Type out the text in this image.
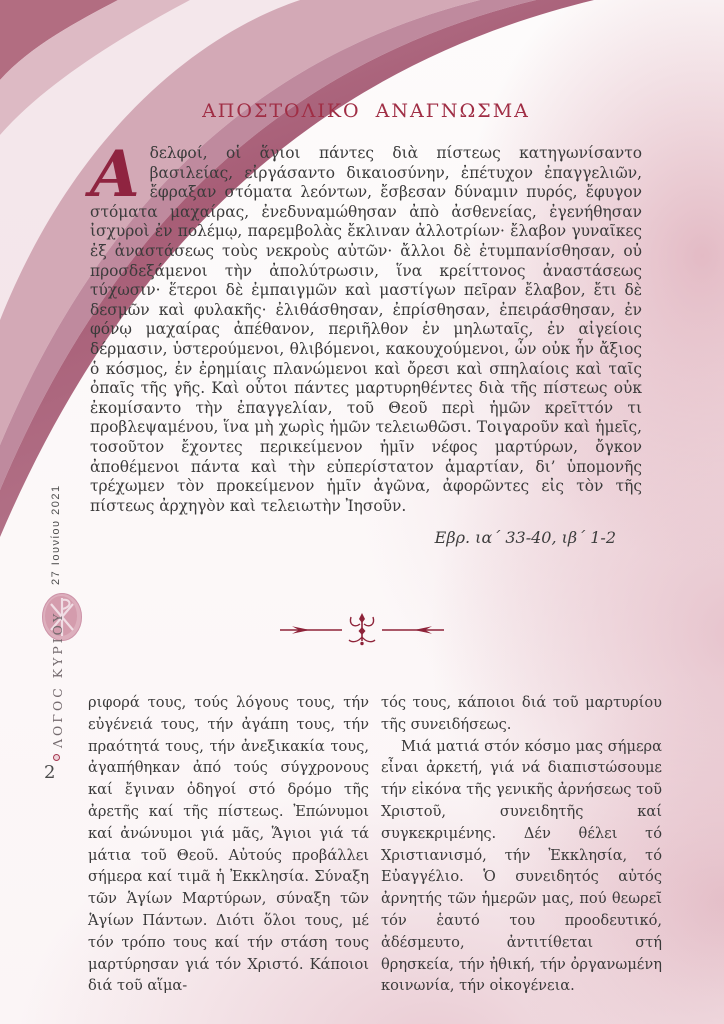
ΑΠΟΣΤΟΛΙΚΟ ΑΝΑΓΝΩΣΜΑ

Αδελφοί, οἱ ἅγιοι πάντες διὰ πίστεως κατηγωνίσαντο βασιλείας, εἰργάσαντο δικαιοσύνην, ἐπέτυχον ἐπαγγελιῶν, ἔφραξαν στόματα λεόντων, ἔσβεσαν δύναμιν πυρός, ἔφυγον στόματα μαχαίρας, ἐνεδυναμώθησαν ἀπὸ ἀσθενείας, ἐγενήθησαν ἰσχυροὶ ἐν πολέμῳ, παρεμβολὰς ἔκλιναν ἀλλοτρίων· ἔλαβον γυναῖκες ἐξ ἀναστάσεως τοὺς νεκροὺς αὐτῶν· ἄλλοι δὲ ἐτυμπανίσθησαν, οὐ προσδεξάμενοι τὴν ἀπολύτρωσιν, ἵνα κρείττονος ἀναστάσεως τύχωσιν· ἕτεροι δὲ ἐμπαιγμῶν καὶ μαστίγων πεῖραν ἔλαβον, ἔτι δὲ δεσμῶν καὶ φυλακῆς· ἐλιθάσθησαν, ἐπρίσθησαν, ἐπειράσθησαν, ἐν φόνῳ μαχαίρας ἀπέθανον, περιῆλθον ἐν μηλωταῖς, ἐν αἰγείοις δέρμασιν, ὑστερούμενοι, θλιβόμενοι, κακουχούμενοι, ὧν οὐκ ἦν ἄξιος ὁ κόσμος, ἐν ἐρημίαις πλανώμενοι καὶ ὄρεσι καὶ σπηλαίοις καὶ ταῖς ὀπαῖς τῆς γῆς. Καὶ οὗτοι πάντες μαρτυρηθέντες διὰ τῆς πίστεως οὐκ ἐκομίσαντο τὴν ἐπαγγελίαν, τοῦ Θεοῦ περὶ ἡμῶν κρεῖττόν τι προβλεψαμένου, ἵνα μὴ χωρὶς ἡμῶν τελειωθῶσι. Τοιγαροῦν καὶ ἡμεῖς, τοσοῦτον ἔχοντες περικείμενον ἡμῖν νέφος μαρτύρων, ὄγκον ἀποθέμενοι πάντα καὶ τὴν εὐπερίστατον ἁμαρτίαν, δι’ ὑπομονῆς τρέχωμεν τὸν προκείμενον ἡμῖν ἀγῶνα, ἀφορῶντες εἰς τὸν τῆς πίστεως ἀρχηγὸν καὶ τελειωτὴν Ἰησοῦν.

Εβρ. ια´ 33-40, ιβ´ 1-2

ριφορά τους, τούς λόγους τους, τήν εὐγένειά τους, τήν ἀγάπη τους, τήν πραότητά τους, τήν ἀνεξικακία τους, ἀγαπήθηκαν ἀπό τούς σύγχρονους καί ἔγιναν ὁδηγοί στό δρόμο τῆς ἀρετῆς καί τῆς πίστεως. Ἐπώνυμοι καί ἀνώνυμοι γιά μᾶς, Ἅγιοι γιά τά μάτια τοῦ Θεοῦ. Αὐτούς προβάλλει σήμερα καί τιμᾶ ἡ Ἐκκλησία. Σύναξη τῶν Ἁγίων Μαρτύρων, σύναξη τῶν Ἁγίων Πάντων. Διότι ὅλοι τους, μέ τόν τρόπο τους καί τήν στάση τους μαρτύρησαν γιά τόν Χριστό. Κάποιοι διά τοῦ αἵμα-

τός τους, κάποιοι διά τοῦ μαρτυρίου τῆς συνειδήσεως.

Μιά ματιά στόν κόσμο μας σήμερα εἶναι ἀρκετή, γιά νά διαπιστώσουμε τήν εἰκόνα τῆς γενικῆς ἀρνήσεως τοῦ Χριστοῦ, συνειδητῆς καί συγκεκριμένης. Δέν θέλει τό Χριστιανισμό, τήν Ἐκκλησία, τό Εὐαγγέλιο. Ὁ συνειδητός αὐτός ἀρνητής τῶν ἡμερῶν μας, πού θεωρεῖ τόν ἑαυτό του προοδευτικό, ἀδέσμευτο, ἀντιτίθεται στή θρησκεία, τήν ἠθική, τήν ὀργανωμένη κοινωνία, τήν οἰκογένεια.

27 Ιουνίου 2021
ΛΟΓΟC ΚΥΡΙΟΥ
2
